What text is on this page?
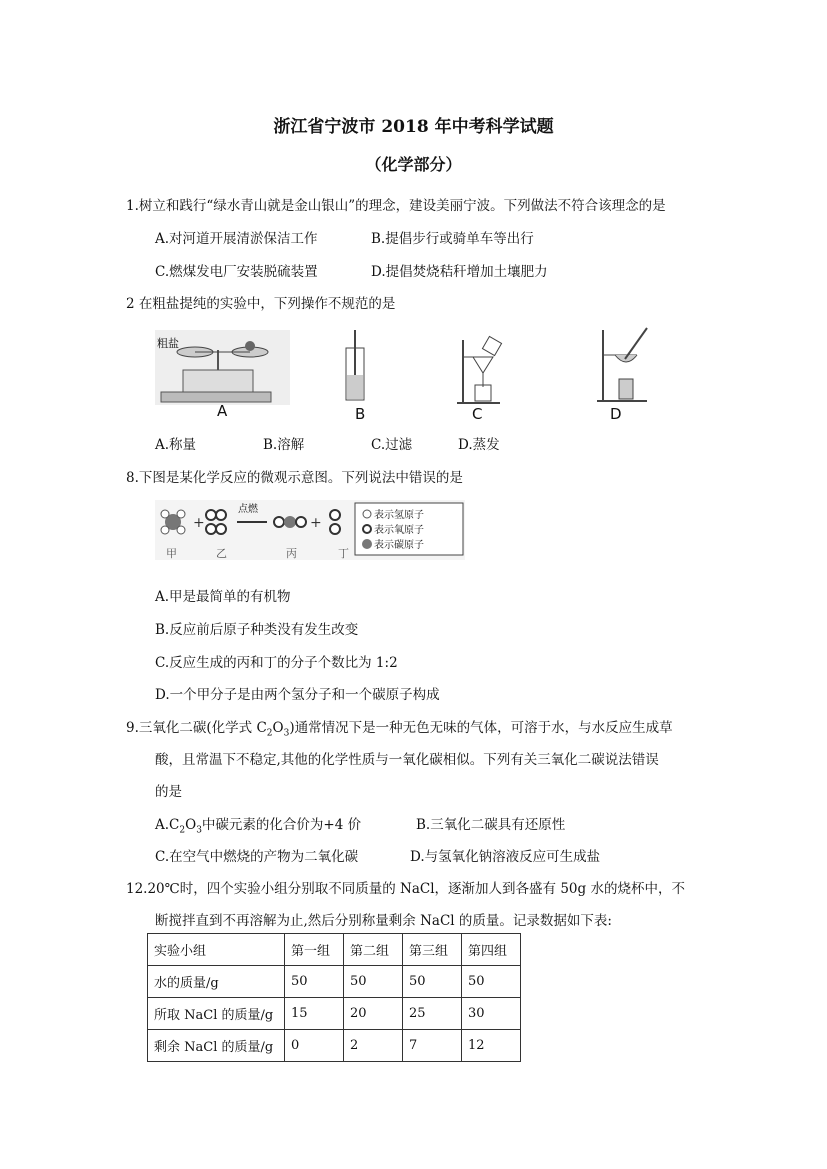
浙江省宁波市 2018 年中考科学试题
（化学部分）
1.树立和践行“绿水青山就是金山银山”的理念，建设美丽宁波。下列做法不符合该理念的是
A.对河道开展清淤保洁工作	B.提倡步行或骑单车等出行
C.燃煤发电厂安装脱硫装置	D.提倡焚烧秸秆增加土壤肥力
2 在粗盐提纯的实验中，下列操作不规范的是
粗盐
A	B	C	D
A.称量	B.溶解	C.过滤	D.蒸发
8.下图是某化学反应的微观示意图。下列说法中错误的是
+	+
点燃
甲	乙	丙	丁
表示氢原子
表示氧原子
表示碳原子
A.甲是最简单的有机物
B.反应前后原子种类没有发生改变
C.反应生成的丙和丁的分子个数比为 1:2
D.一个甲分子是由两个氢分子和一个碳原子构成
9.三氧化二碳(化学式 $C_2O_3$)通常情况下是一种无色无味的气体，可溶于水，与水反应生成草
酸，且常温下不稳定,其他的化学性质与一氧化碳相似。下列有关三氧化二碳说法错误
的是
$A.C_2O_3$中碳元素的化合价为+4 价	B.三氧化二碳具有还原性
C.在空气中燃烧的产物为二氧化碳	D.与氢氧化钠溶液反应可生成盐
12.20℃时，四个实验小组分别取不同质量的 NaCl，逐渐加人到各盛有 50g 水的烧杯中，不
断搅拌直到不再溶解为止,然后分别称量剩余 NaCl 的质量。记录数据如下表:
实验小组	第一组	第二组	第三组	第四组
水的质量/g	50	50	50	50
所取 NaCl 的质量/g	15	20	25	30
剩余 NaCl 的质量/g	0	2	7	12
